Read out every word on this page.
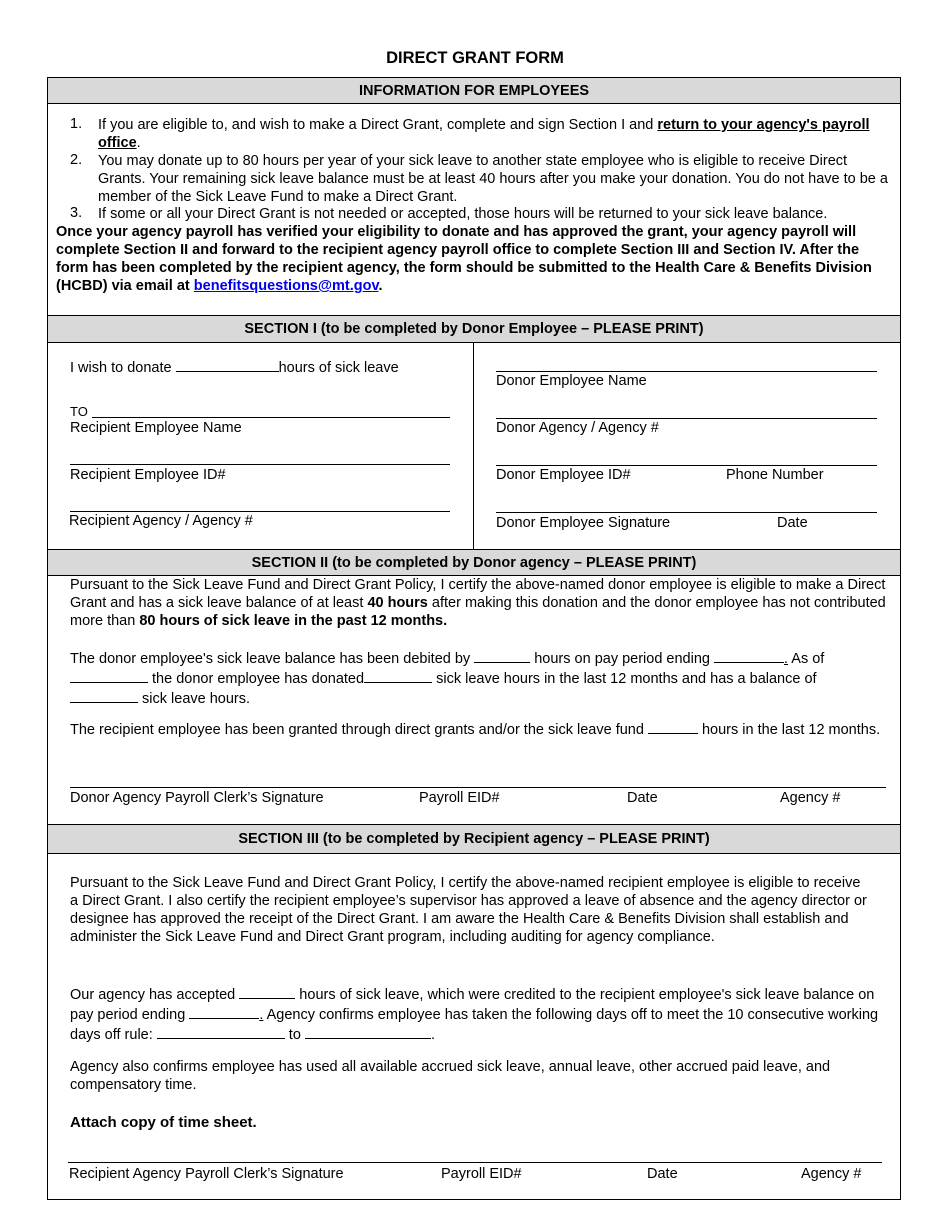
DIRECT GRANT FORM
INFORMATION FOR EMPLOYEES
1. If you are eligible to, and wish to make a Direct Grant, complete and sign Section I and return to your agency's payroll office.
2. You may donate up to 80 hours per year of your sick leave to another state employee who is eligible to receive Direct Grants. Your remaining sick leave balance must be at least 40 hours after you make your donation. You do not have to be a member of the Sick Leave Fund to make a Direct Grant.
3. If some or all your Direct Grant is not needed or accepted, those hours will be returned to your sick leave balance.
Once your agency payroll has verified your eligibility to donate and has approved the grant, your agency payroll will complete Section II and forward to the recipient agency payroll office to complete Section III and Section IV. After the form has been completed by the recipient agency, the form should be submitted to the Health Care & Benefits Division (HCBD) via email at benefitsquestions@mt.gov.
SECTION I (to be completed by Donor Employee – PLEASE PRINT)
I wish to donate	hours of sick leave
TO
Recipient Employee Name
Recipient Employee ID#
Recipient Agency / Agency #
Donor Employee Name
Donor Agency / Agency #
Donor Employee ID#	Phone Number
Donor Employee Signature	Date
SECTION II (to be completed by Donor agency – PLEASE PRINT)
Pursuant to the Sick Leave Fund and Direct Grant Policy, I certify the above-named donor employee is eligible to make a Direct Grant and has a sick leave balance of at least 40 hours after making this donation and the donor employee has not contributed more than 80 hours of sick leave in the past 12 months.
The donor employee's sick leave balance has been debited by	hours on pay period ending	. As of  the donor employee has donated	sick leave hours in the last 12 months and has a balance of  sick leave hours.
The recipient employee has been granted through direct grants and/or the sick leave fund	hours in the last 12 months.
Donor Agency Payroll Clerk’s Signature	Payroll EID#	Date	Agency #
SECTION III (to be completed by Recipient agency – PLEASE PRINT)
Pursuant to the Sick Leave Fund and Direct Grant Policy, I certify the above-named recipient employee is eligible to receive a Direct Grant. I also certify the recipient employee’s supervisor has approved a leave of absence and the agency director or designee has approved the receipt of the Direct Grant. I am aware the Health Care & Benefits Division shall establish and administer the Sick Leave Fund and Direct Grant program, including auditing for agency compliance.
Our agency has accepted	hours of sick leave, which were credited to the recipient employee's sick leave balance on pay period ending	. Agency confirms employee has taken the following days off to meet the 10 consecutive working days off rule:	to	.
Agency also confirms employee has used all available accrued sick leave, annual leave, other accrued paid leave, and compensatory time.
Attach copy of time sheet.
Recipient Agency Payroll Clerk’s Signature	Payroll EID#	Date	Agency #
